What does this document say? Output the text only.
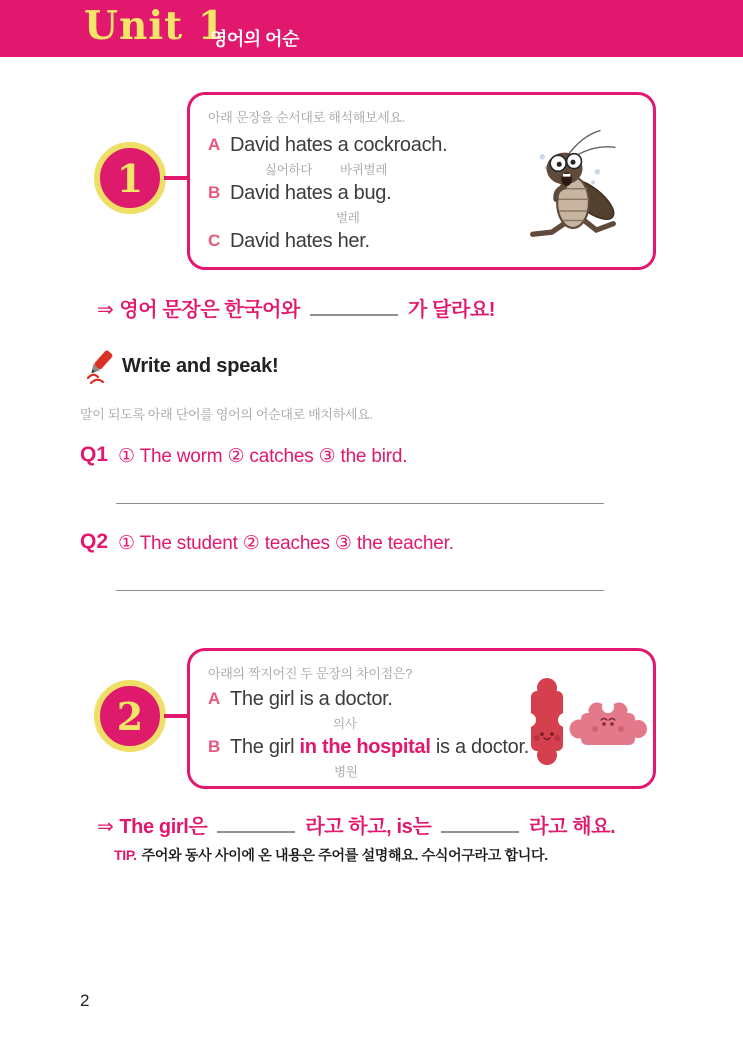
Unit 1
영어의 어순
1
아래 문장을 순서대로 해석해보세요.
A David hates a cockroach.
싫어하다 바퀴벌레
B David hates a bug.
벌레
C David hates her.
⇒ 영어 문장은 한국어와	가 달라요!
Write and speak!
말이 되도록 아래 단어를 영어의 어순대로 배치하세요.
Q1 ① The worm ② catches ③ the bird.
Q2 ① The student ② teaches ③ the teacher.
2
아래의 짝지어진 두 문장의 차이점은?
A The girl is a doctor.
의사
B The girl in the hospital is a doctor.
병원
⇒ The girl은	라고 하고, is는	라고 해요.
TIP. 주어와 동사 사이에 온 내용은 주어를 설명해요. 수식어구라고 합니다.
2
